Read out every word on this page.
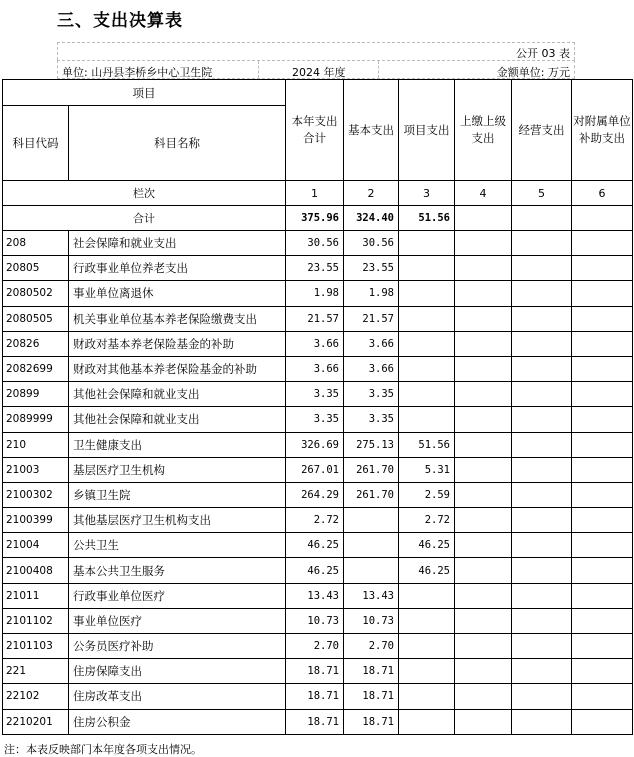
三、支出决算表
公开 03 表
单位: 山丹县李桥乡中心卫生院	2024 年度	金额单位: 万元
项目		本年支出合计	基本支出	项目支出	上缴上级支出	经营支出	对附属单位补助支出
科目代码	科目名称						
栏次		1	2	3	4	5	6
合计		375.96	324.40	51.56			
208	社会保障和就业支出	30.56	30.56				
20805	行政事业单位养老支出	23.55	23.55				
2080502	事业单位离退休	1.98	1.98				
2080505	机关事业单位基本养老保险缴费支出	21.57	21.57				
20826	财政对基本养老保险基金的补助	3.66	3.66				
2082699	财政对其他基本养老保险基金的补助	3.66	3.66				
20899	其他社会保障和就业支出	3.35	3.35				
2089999	其他社会保障和就业支出	3.35	3.35				
210	卫生健康支出	326.69	275.13	51.56			
21003	基层医疗卫生机构	267.01	261.70	5.31			
2100302	乡镇卫生院	264.29	261.70	2.59			
2100399	其他基层医疗卫生机构支出	2.72		2.72			
21004	公共卫生	46.25		46.25			
2100408	基本公共卫生服务	46.25		46.25			
21011	行政事业单位医疗	13.43	13.43				
2101102	事业单位医疗	10.73	10.73				
2101103	公务员医疗补助	2.70	2.70				
221	住房保障支出	18.71	18.71				
22102	住房改革支出	18.71	18.71				
2210201	住房公积金	18.71	18.71				
注：本表反映部门本年度各项支出情况。
